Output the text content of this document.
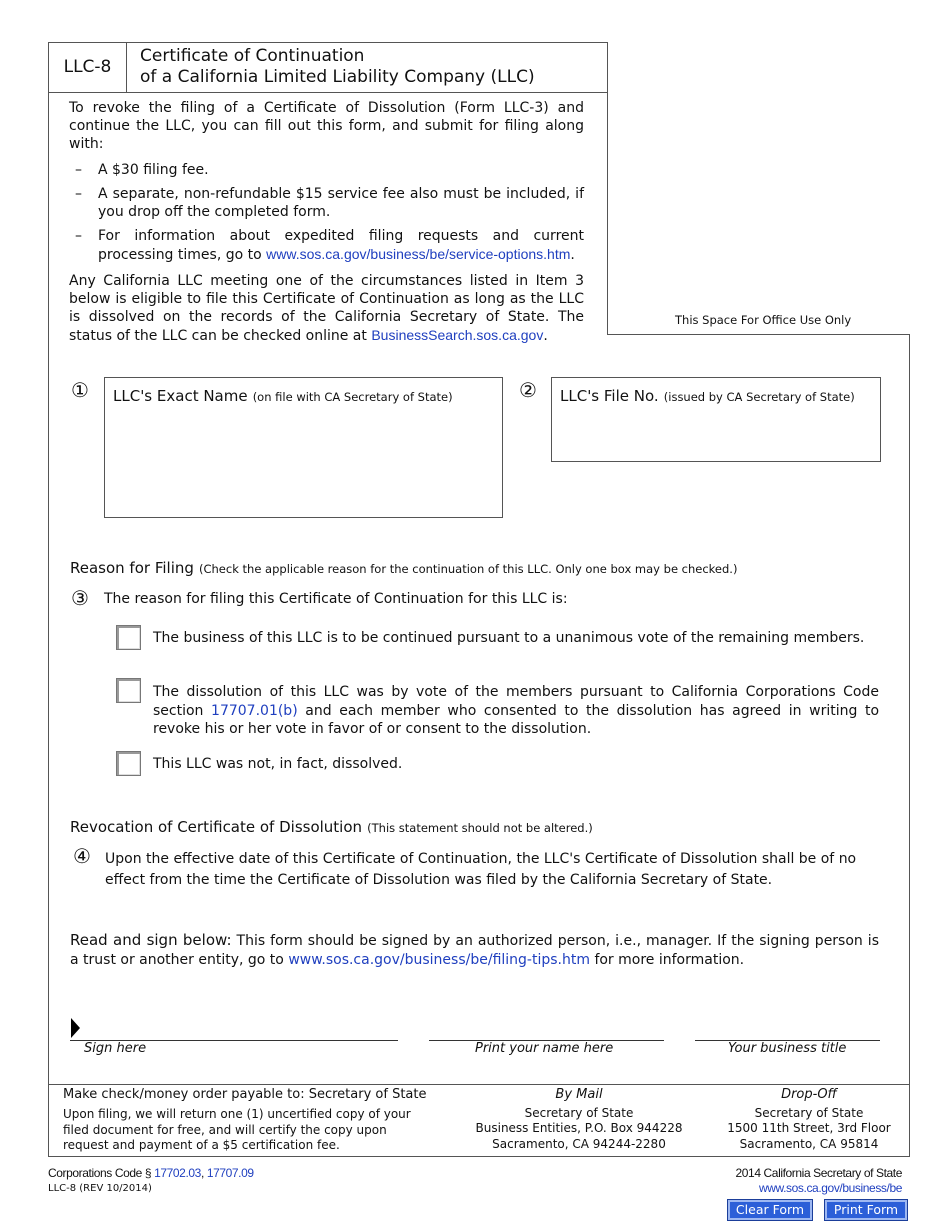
LLC-8
Certificate of Continuation
of a California Limited Liability Company (LLC)

To revoke the filing of a Certificate of Dissolution (Form LLC-3) and continue the LLC, you can fill out this form, and submit for filing along with:

–	A $30 filing fee.
–	A separate, non-refundable $15 service fee also must be included, if you drop off the completed form.
–	For information about expedited filing requests and current processing times, go to www.sos.ca.gov/business/be/service-options.htm.

Any California LLC meeting one of the circumstances listed in Item 3 below is eligible to file this Certificate of Continuation as long as the LLC is dissolved on the records of the California Secretary of State. The status of the LLC can be checked online at BusinessSearch.sos.ca.gov.

This Space For Office Use Only
① LLC's Exact Name (on file with CA Secretary of State)	② LLC's File No. (issued by CA Secretary of State)
Reason for Filing (Check the applicable reason for the continuation of this LLC. Only one box may be checked.)
③ The reason for filing this Certificate of Continuation for this LLC is:
The business of this LLC is to be continued pursuant to a unanimous vote of the remaining members.
The dissolution of this LLC was by vote of the members pursuant to California Corporations Code section 17707.01(b) and each member who consented to the dissolution has agreed in writing to revoke his or her vote in favor of or consent to the dissolution.
This LLC was not, in fact, dissolved.
Revocation of Certificate of Dissolution (This statement should not be altered.)
④ Upon the effective date of this Certificate of Continuation, the LLC's Certificate of Dissolution shall be of no effect from the time the Certificate of Dissolution was filed by the California Secretary of State.
Read and sign below: This form should be signed by an authorized person, i.e., manager. If the signing person is a trust or another entity, go to www.sos.ca.gov/business/be/filing-tips.htm for more information.
Sign here	Print your name here	Your business title
Make check/money order payable to: Secretary of State
Upon filing, we will return one (1) uncertified copy of your filed document for free, and will certify the copy upon request and payment of a $5 certification fee.
By Mail
Secretary of State
Business Entities, P.O. Box 944228
Sacramento, CA 94244-2280
Drop-Off
Secretary of State
1500 11th Street, 3rd Floor
Sacramento, CA 95814
Corporations Code § 17702.03, 17707.09
LLC-8 (REV 10/2014)
2014 California Secretary of State
www.sos.ca.gov/business/be
Clear Form	Print Form
